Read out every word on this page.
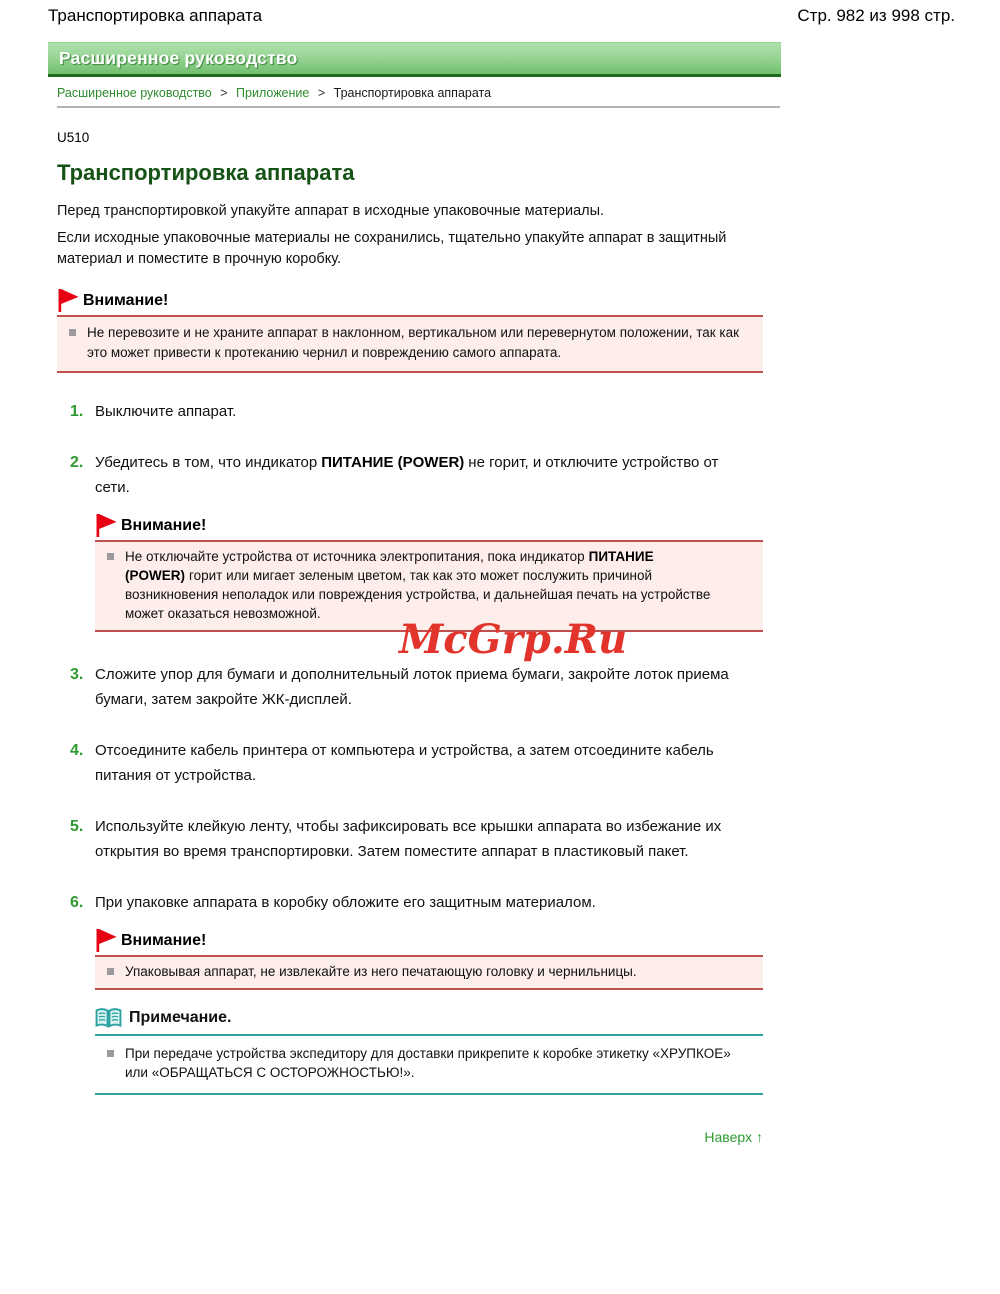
Транспортировка аппарата	Стр. 982 из 998 стр.
Расширенное руководство
Расширенное руководство > Приложение > Транспортировка аппарата
U510
Транспортировка аппарата

Перед транспортировкой упакуйте аппарат в исходные упаковочные материалы.

Если исходные упаковочные материалы не сохранились, тщательно упакуйте аппарат в защитный материал и поместите в прочную коробку.

Внимание!
Не перевозите и не храните аппарат в наклонном, вертикальном или перевернутом положении, так как это может привести к протеканию чернил и повреждению самого аппарата.
1. Выключите аппарат.
2. Убедитесь в том, что индикатор ПИТАНИЕ (POWER) не горит, и отключите устройство от сети.
Внимание!
Не отключайте устройства от источника электропитания, пока индикатор ПИТАНИЕ (POWER) горит или мигает зеленым цветом, так как это может послужить причиной возникновения неполадок или повреждения устройства, и дальнейшая печать на устройстве может оказаться невозможной.
3. Сложите упор для бумаги и дополнительный лоток приема бумаги, закройте лоток приема бумаги, затем закройте ЖК-дисплей.
4. Отсоедините кабель принтера от компьютера и устройства, а затем отсоедините кабель питания от устройства.
5. Используйте клейкую ленту, чтобы зафиксировать все крышки аппарата во избежание их открытия во время транспортировки. Затем поместите аппарат в пластиковый пакет.
6. При упаковке аппарата в коробку обложите его защитным материалом.
Внимание!
Упаковывая аппарат, не извлекайте из него печатающую головку и чернильницы.
Примечание.
При передаче устройства экспедитору для доставки прикрепите к коробке этикетку «ХРУПКОЕ» или «ОБРАЩАТЬСЯ С ОСТОРОЖНОСТЬЮ!».
Наверх ↑
McGrp.Ru
